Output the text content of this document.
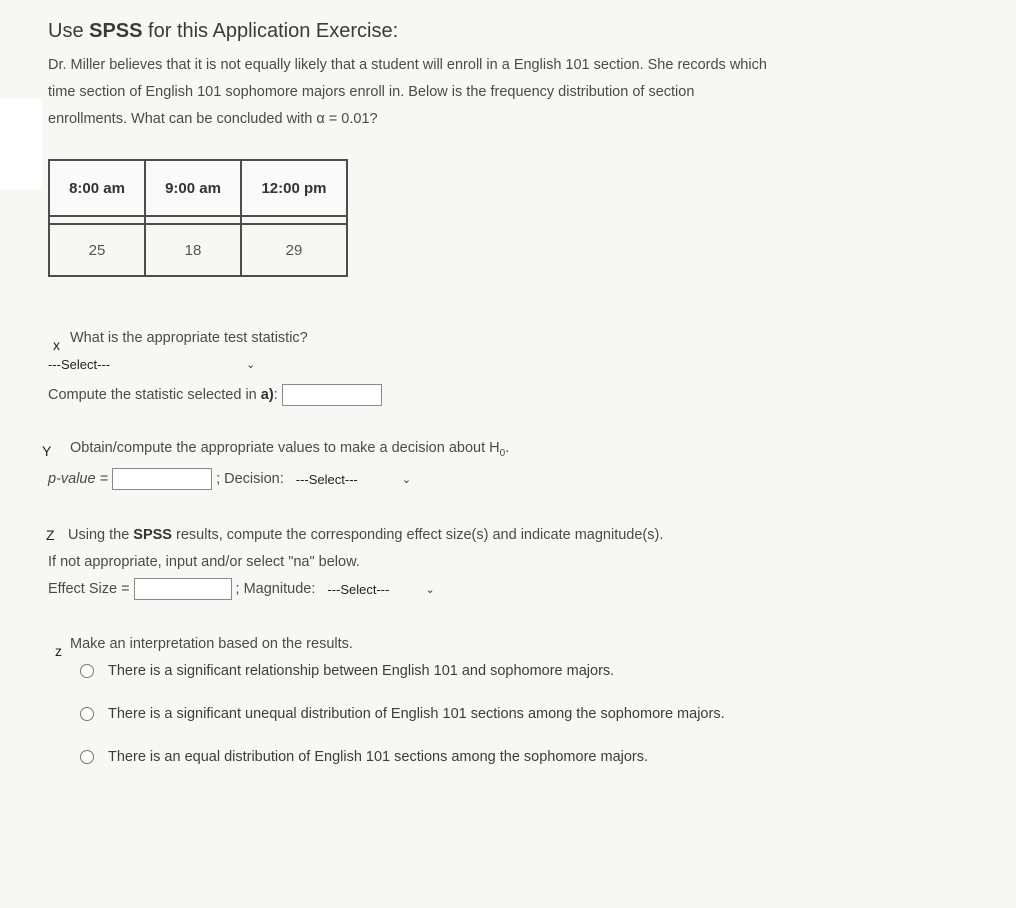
Use SPSS for this Application Exercise:

Dr. Miller believes that it is not equally likely that a student will enroll in a English 101 section. She records which

time section of English 101 sophomore majors enroll in. Below is the frequency distribution of section

enrollments. What can be concluded with α = 0.01?

8:00 am	9:00 am	12:00 pm

25	18	29
x What is the appropriate test statistic?
---Select---	⌄
Compute the statistic selected in a):
Y Obtain/compute the appropriate values to make a decision about $H_0$.
p-value =	; Decision: ---Select---	⌄
Z Using the SPSS results, compute the corresponding effect size(s) and indicate magnitude(s).
If not appropriate, input and/or select "na" below.
Effect Size =	; Magnitude: ---Select---	⌄
z Make an interpretation based on the results.
There is a significant relationship between English 101 and sophomore majors.
There is a significant unequal distribution of English 101 sections among the sophomore majors.
There is an equal distribution of English 101 sections among the sophomore majors.
